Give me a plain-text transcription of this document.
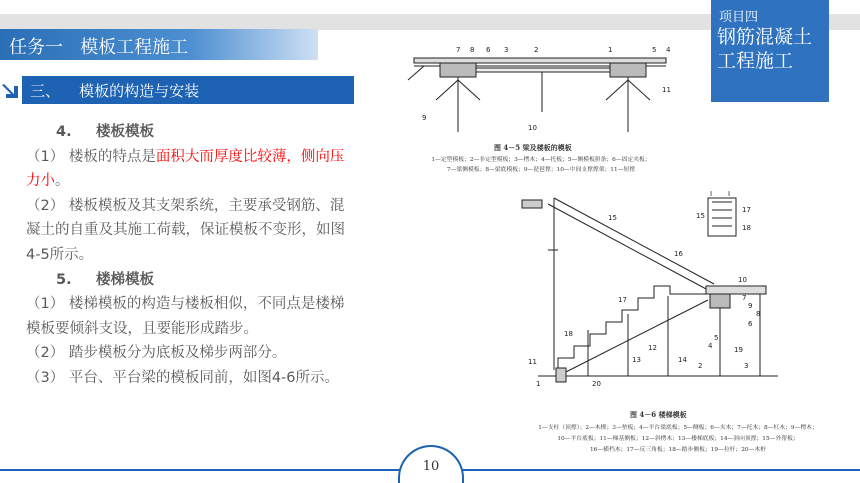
任务一   模板工程施工
项目四
钢筋混凝土工程施工
三、    模板的构造与安装

4. 楼板模板

（1） 楼板的特点是面积大而厚度比较薄，侧向压力小。

（2） 楼板模板及其支架系统，主要承受钢筋、混凝土的自重及其施工荷载，保证模板不变形，如图4-5所示。

5. 楼梯模板

（1） 楼梯模板的构造与楼板相似，不同点是楼梯模板要倾斜支设，且要能形成踏步。

（2） 踏步模板分为底板及梯步两部分。

（3） 平台、平台梁的模板同前，如图4-6所示。

7 8 6 3	2	1	5 4
9
10
11
图 4－5 梁及楼板的模板
1—定型模板；2—非定型模板；3—楞木；4—托板；5—侧模板拼条；6—固定夹板；
7—梁侧模板；8—梁底模板；9—琵琶撑；10—中间支撑撑架；11—短撑
15
16
17
18
10
7
9
8
6
5
12
13	14
19
2	3
4
11
20
1
I I
15
17
18
图 4－6 楼梯模板
1—支柱（顶撑）；2—木楔；3—垫板；4—平台梁底板；5—侧板；6—夹木；7—托木；8—杠木；9—楞木；
10—平台底板；11—梯基侧板；12—斜楞木；13—楼梯底板；14—斜向顶撑；15—外帮板；
16—横档木；17—反三角板；18—踏步侧板；19—拉杆；20—木桩
10
